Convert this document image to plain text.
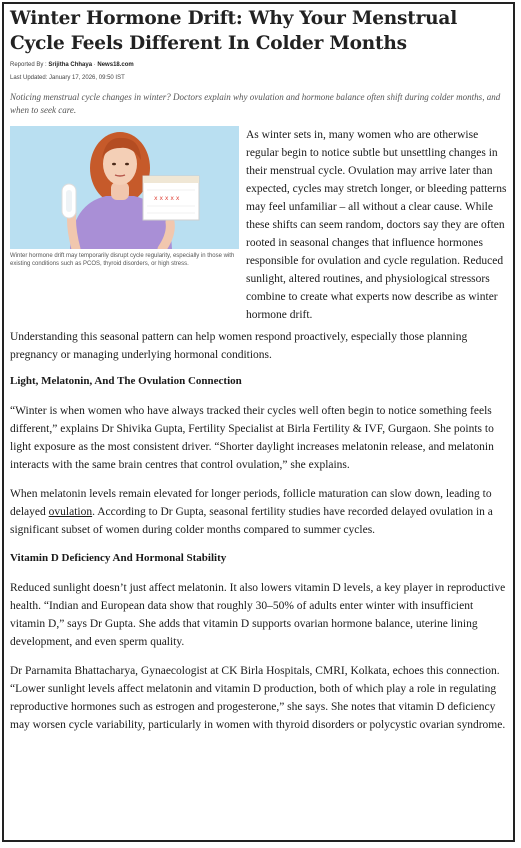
Winter Hormone Drift: Why Your Menstrual Cycle Feels Different In Colder Months
Reported By : Srijitha Chhaya · News18.com
Last Updated: January 17, 2026, 09:50 IST
Noticing menstrual cycle changes in winter? Doctors explain why ovulation and hormone balance often shift during colder months, and when to seek care.
x x x x x
Winter hormone drift may temporarily disrupt cycle regularity, especially in those with existing conditions such as PCOS, thyroid disorders, or high stress.

As winter sets in, many women who are otherwise regular begin to notice subtle but unsettling changes in their menstrual cycle. Ovulation may arrive later than expected, cycles may stretch longer, or bleeding patterns may feel unfamiliar – all without a clear cause. While these shifts can seem random, doctors say they are often rooted in seasonal changes that influence hormones responsible for ovulation and cycle regulation. Reduced sunlight, altered routines, and physiological stressors combine to create what experts now describe as winter hormone drift.

Understanding this seasonal pattern can help women respond proactively, especially those planning pregnancy or managing underlying hormonal conditions.

Light, Melatonin, And The Ovulation Connection

“Winter is when women who have always tracked their cycles well often begin to notice something feels different,” explains Dr Shivika Gupta, Fertility Specialist at Birla Fertility & IVF, Gurgaon. She points to light exposure as the most consistent driver. “Shorter daylight increases melatonin release, and melatonin interacts with the same brain centres that control ovulation,” she explains.

When melatonin levels remain elevated for longer periods, follicle maturation can slow down, leading to delayed ovulation. According to Dr Gupta, seasonal fertility studies have recorded delayed ovulation in a significant subset of women during colder months compared to summer cycles.

Vitamin D Deficiency And Hormonal Stability

Reduced sunlight doesn’t just affect melatonin. It also lowers vitamin D levels, a key player in reproductive health. “Indian and European data show that roughly 30–50% of adults enter winter with insufficient vitamin D,” says Dr Gupta. She adds that vitamin D supports ovarian hormone balance, uterine lining development, and even sperm quality.

Dr Parnamita Bhattacharya, Gynaecologist at CK Birla Hospitals, CMRI, Kolkata, echoes this connection. “Lower sunlight levels affect melatonin and vitamin D production, both of which play a role in regulating reproductive hormones such as estrogen and progesterone,” she says. She notes that vitamin D deficiency may worsen cycle variability, particularly in women with thyroid disorders or polycystic ovarian syndrome.
